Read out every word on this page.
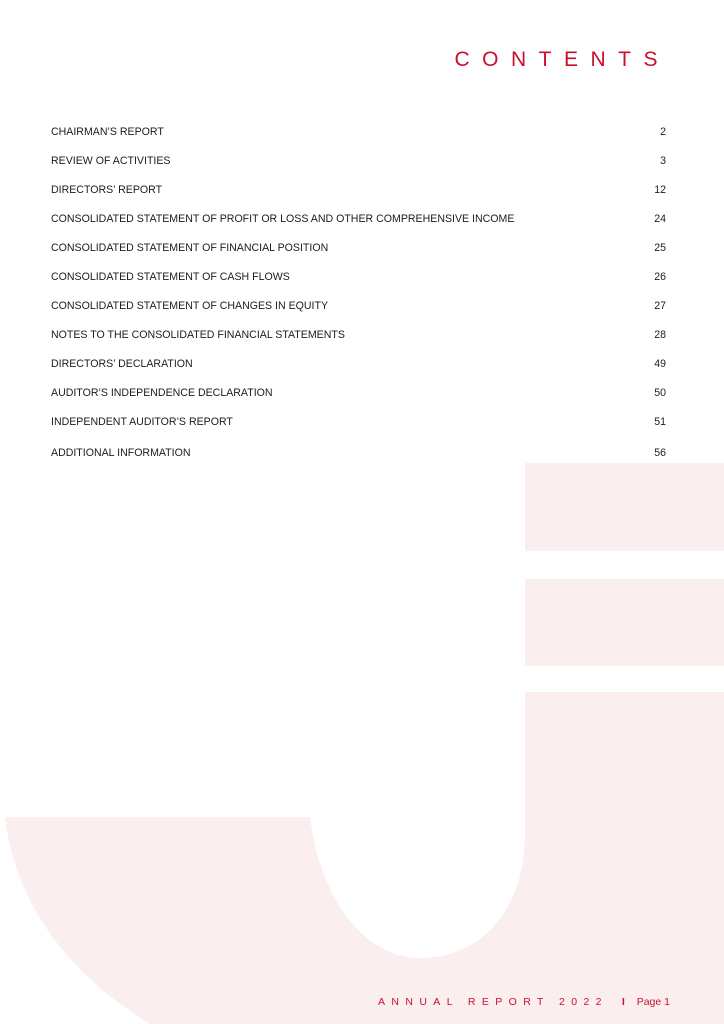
CONTENTS
CHAIRMAN’S REPORT	2
REVIEW OF ACTIVITIES	3
DIRECTORS’ REPORT	12
CONSOLIDATED STATEMENT OF PROFIT OR LOSS AND OTHER COMPREHENSIVE INCOME	24
CONSOLIDATED STATEMENT OF FINANCIAL POSITION	25
CONSOLIDATED STATEMENT OF CASH FLOWS	26
CONSOLIDATED STATEMENT OF CHANGES IN EQUITY	27
NOTES TO THE CONSOLIDATED FINANCIAL STATEMENTS	28
DIRECTORS’ DECLARATION	49
AUDITOR’S INDEPENDENCE DECLARATION	50
INDEPENDENT AUDITOR’S REPORT	51
ADDITIONAL INFORMATION	56
ANNUAL REPORT 2022 I Page 1
